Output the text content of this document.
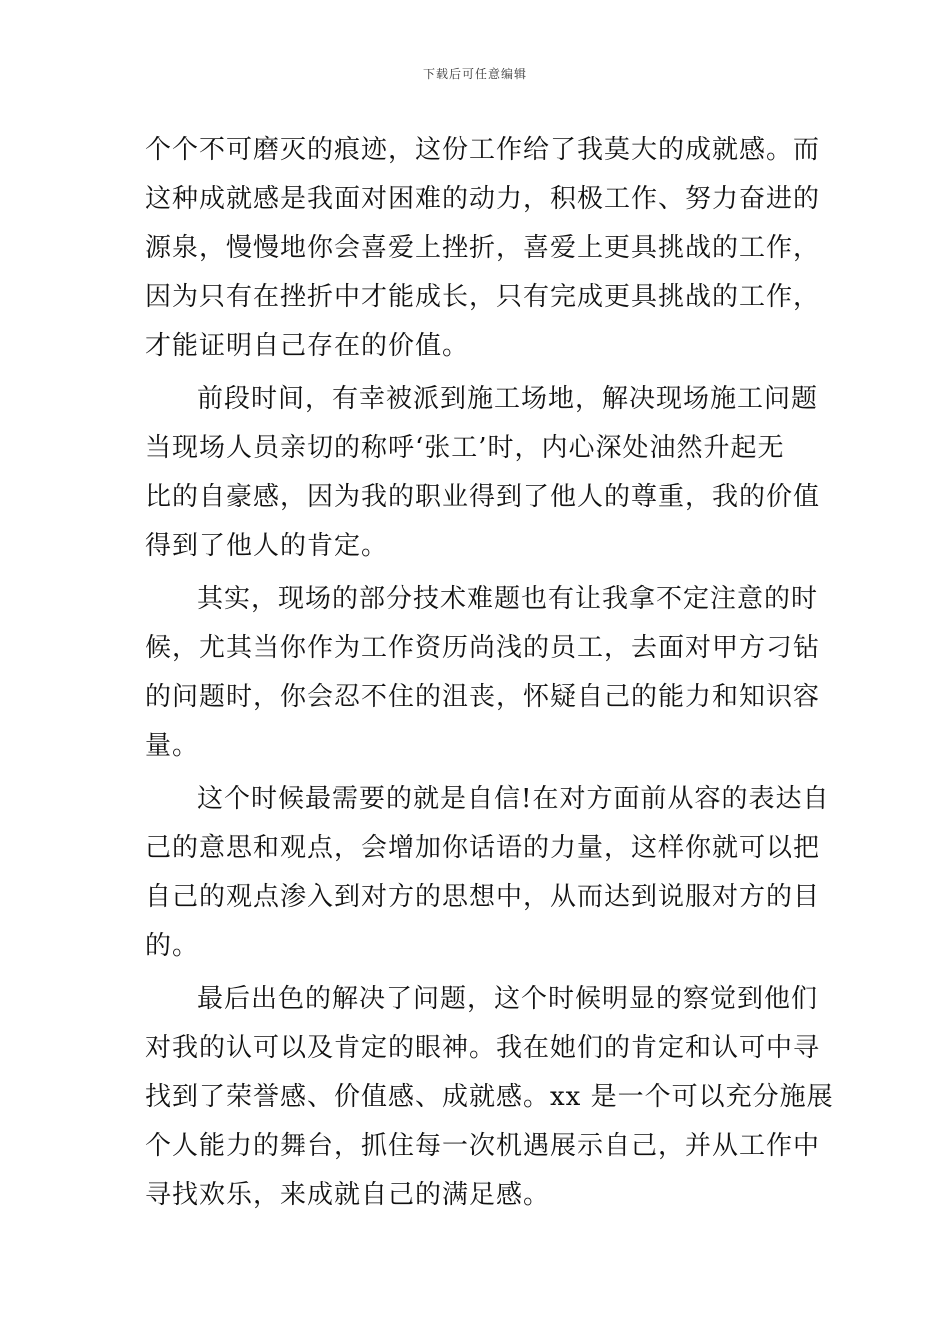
下载后可任意编辑
个个不可磨灭的痕迹，这份工作给了我莫大的成就感。而
这种成就感是我面对困难的动力，积极工作、努力奋进的
源泉，慢慢地你会喜爱上挫折，喜爱上更具挑战的工作，
因为只有在挫折中才能成长，只有完成更具挑战的工作，
才能证明自己存在的价值。
前段时间，有幸被派到施工场地，解决现场施工问题
当现场人员亲切的称呼‘张工’时，内心深处油然升起无
比的自豪感，因为我的职业得到了他人的尊重，我的价值
得到了他人的肯定。
其实，现场的部分技术难题也有让我拿不定注意的时
候，尤其当你作为工作资历尚浅的员工，去面对甲方刁钻
的问题时，你会忍不住的沮丧，怀疑自己的能力和知识容
量。
这个时候最需要的就是自信!在对方面前从容的表达自
己的意思和观点，会增加你话语的力量，这样你就可以把
自己的观点渗入到对方的思想中，从而达到说服对方的目
的。
最后出色的解决了问题，这个时候明显的察觉到他们
对我的认可以及肯定的眼神。我在她们的肯定和认可中寻
找到了荣誉感、价值感、成就感。xx 是一个可以充分施展
个人能力的舞台，抓住每一次机遇展示自己，并从工作中
寻找欢乐，来成就自己的满足感。
